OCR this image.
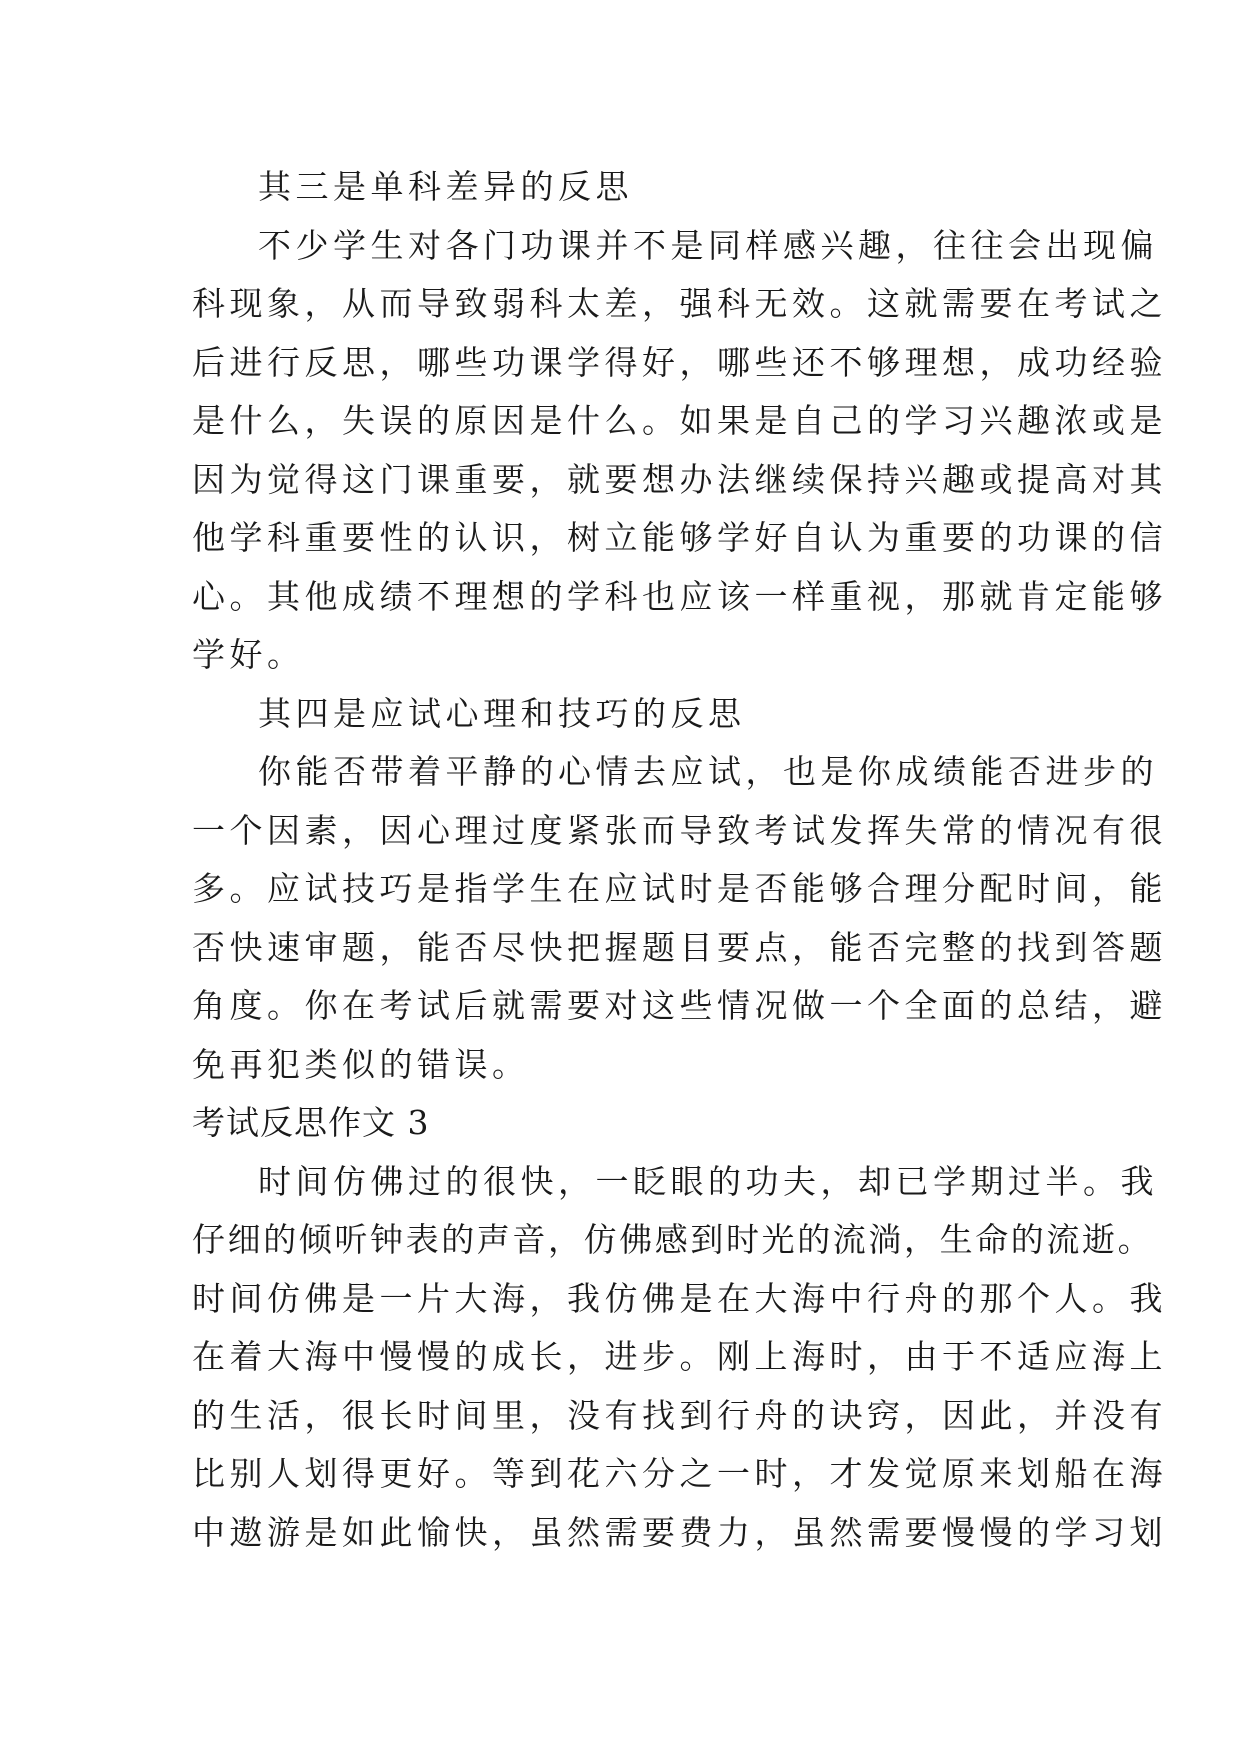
其三是单科差异的反思
不少学生对各门功课并不是同样感兴趣，往往会出现偏
科现象，从而导致弱科太差，强科无效。这就需要在考试之
后进行反思，哪些功课学得好，哪些还不够理想，成功经验
是什么，失误的原因是什么。如果是自己的学习兴趣浓或是
因为觉得这门课重要，就要想办法继续保持兴趣或提高对其
他学科重要性的认识，树立能够学好自认为重要的功课的信
心。其他成绩不理想的学科也应该一样重视，那就肯定能够
学好。
其四是应试心理和技巧的反思
你能否带着平静的心情去应试，也是你成绩能否进步的
一个因素，因心理过度紧张而导致考试发挥失常的情况有很
多。应试技巧是指学生在应试时是否能够合理分配时间，能
否快速审题，能否尽快把握题目要点，能否完整的找到答题
角度。你在考试后就需要对这些情况做一个全面的总结，避
免再犯类似的错误。
考试反思作文 3
时间仿佛过的很快，一眨眼的功夫，却已学期过半。我
仔细的倾听钟表的声音，仿佛感到时光的流淌，生命的流逝。
时间仿佛是一片大海，我仿佛是在大海中行舟的那个人。我
在着大海中慢慢的成长，进步。刚上海时，由于不适应海上
的生活，很长时间里，没有找到行舟的诀窍，因此，并没有
比别人划得更好。等到花六分之一时，才发觉原来划船在海
中遨游是如此愉快，虽然需要费力，虽然需要慢慢的学习划
